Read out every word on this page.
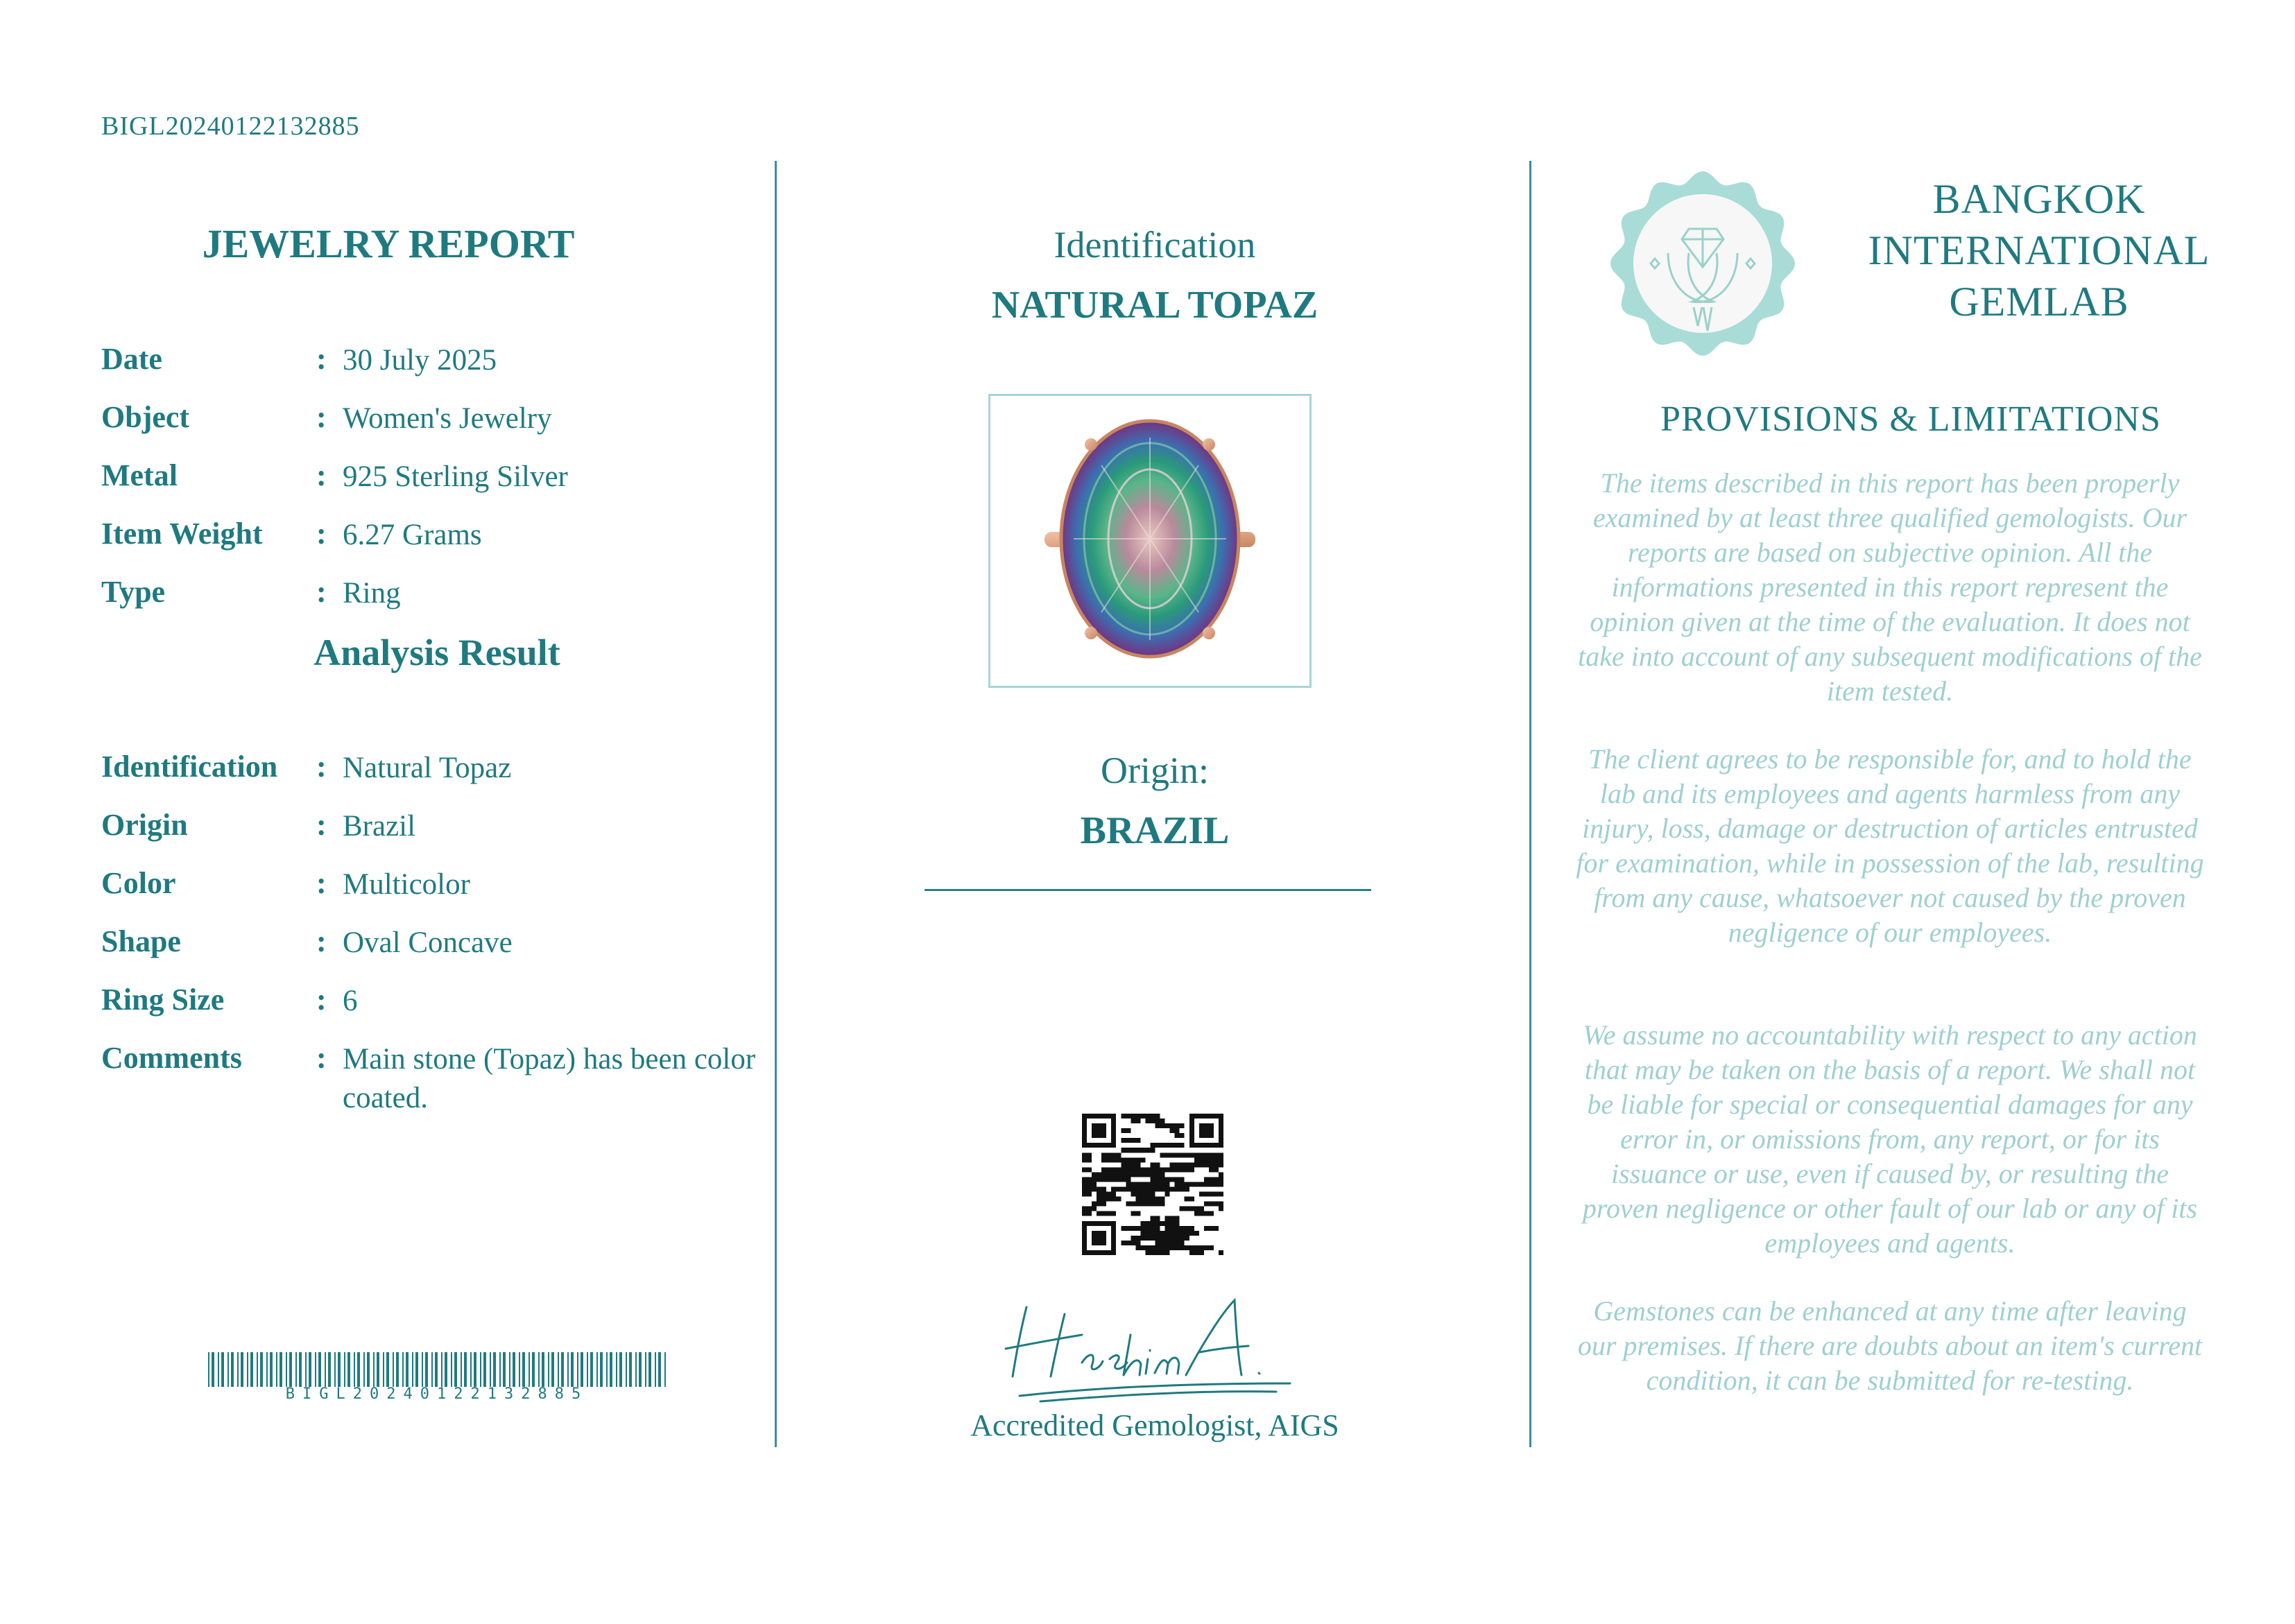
BIGL20240122132885
JEWELRY REPORT
Date	: 30 July 2025
Object	: Women's Jewelry
Metal	: 925 Sterling Silver
Item Weight : 6.27 Grams
Type	: Ring
Analysis Result
Identification : Natural Topaz
Origin	: Brazil
Color	: Multicolor
Shape	: Oval Concave
Ring Size	: 6
Comments : Main stone (Topaz) has been color coated.
BIGL20240122132885
Identification
NATURAL TOPAZ
Origin:
BRAZIL
Accredited Gemologist, AIGS
BANGKOK
INTERNATIONAL
GEMLAB
PROVISIONS & LIMITATIONS
The items described in this report has been properly examined by at least three qualified gemologists. Our reports are based on subjective opinion. All the informations presented in this report represent the opinion given at the time of the evaluation. It does not take into account of any subsequent modifications of the item tested.
The client agrees to be responsible for, and to hold the lab and its employees and agents harmless from any injury, loss, damage or destruction of articles entrusted for examination, while in possession of the lab, resulting from any cause, whatsoever not caused by the proven negligence of our employees.
We assume no accountability with respect to any action that may be taken on the basis of a report. We shall not be liable for special or consequential damages for any error in, or omissions from, any report, or for its issuance or use, even if caused by, or resulting the proven negligence or other fault of our lab or any of its employees and agents.
Gemstones can be enhanced at any time after leaving our premises. If there are doubts about an item's current condition, it can be submitted for re-testing.
